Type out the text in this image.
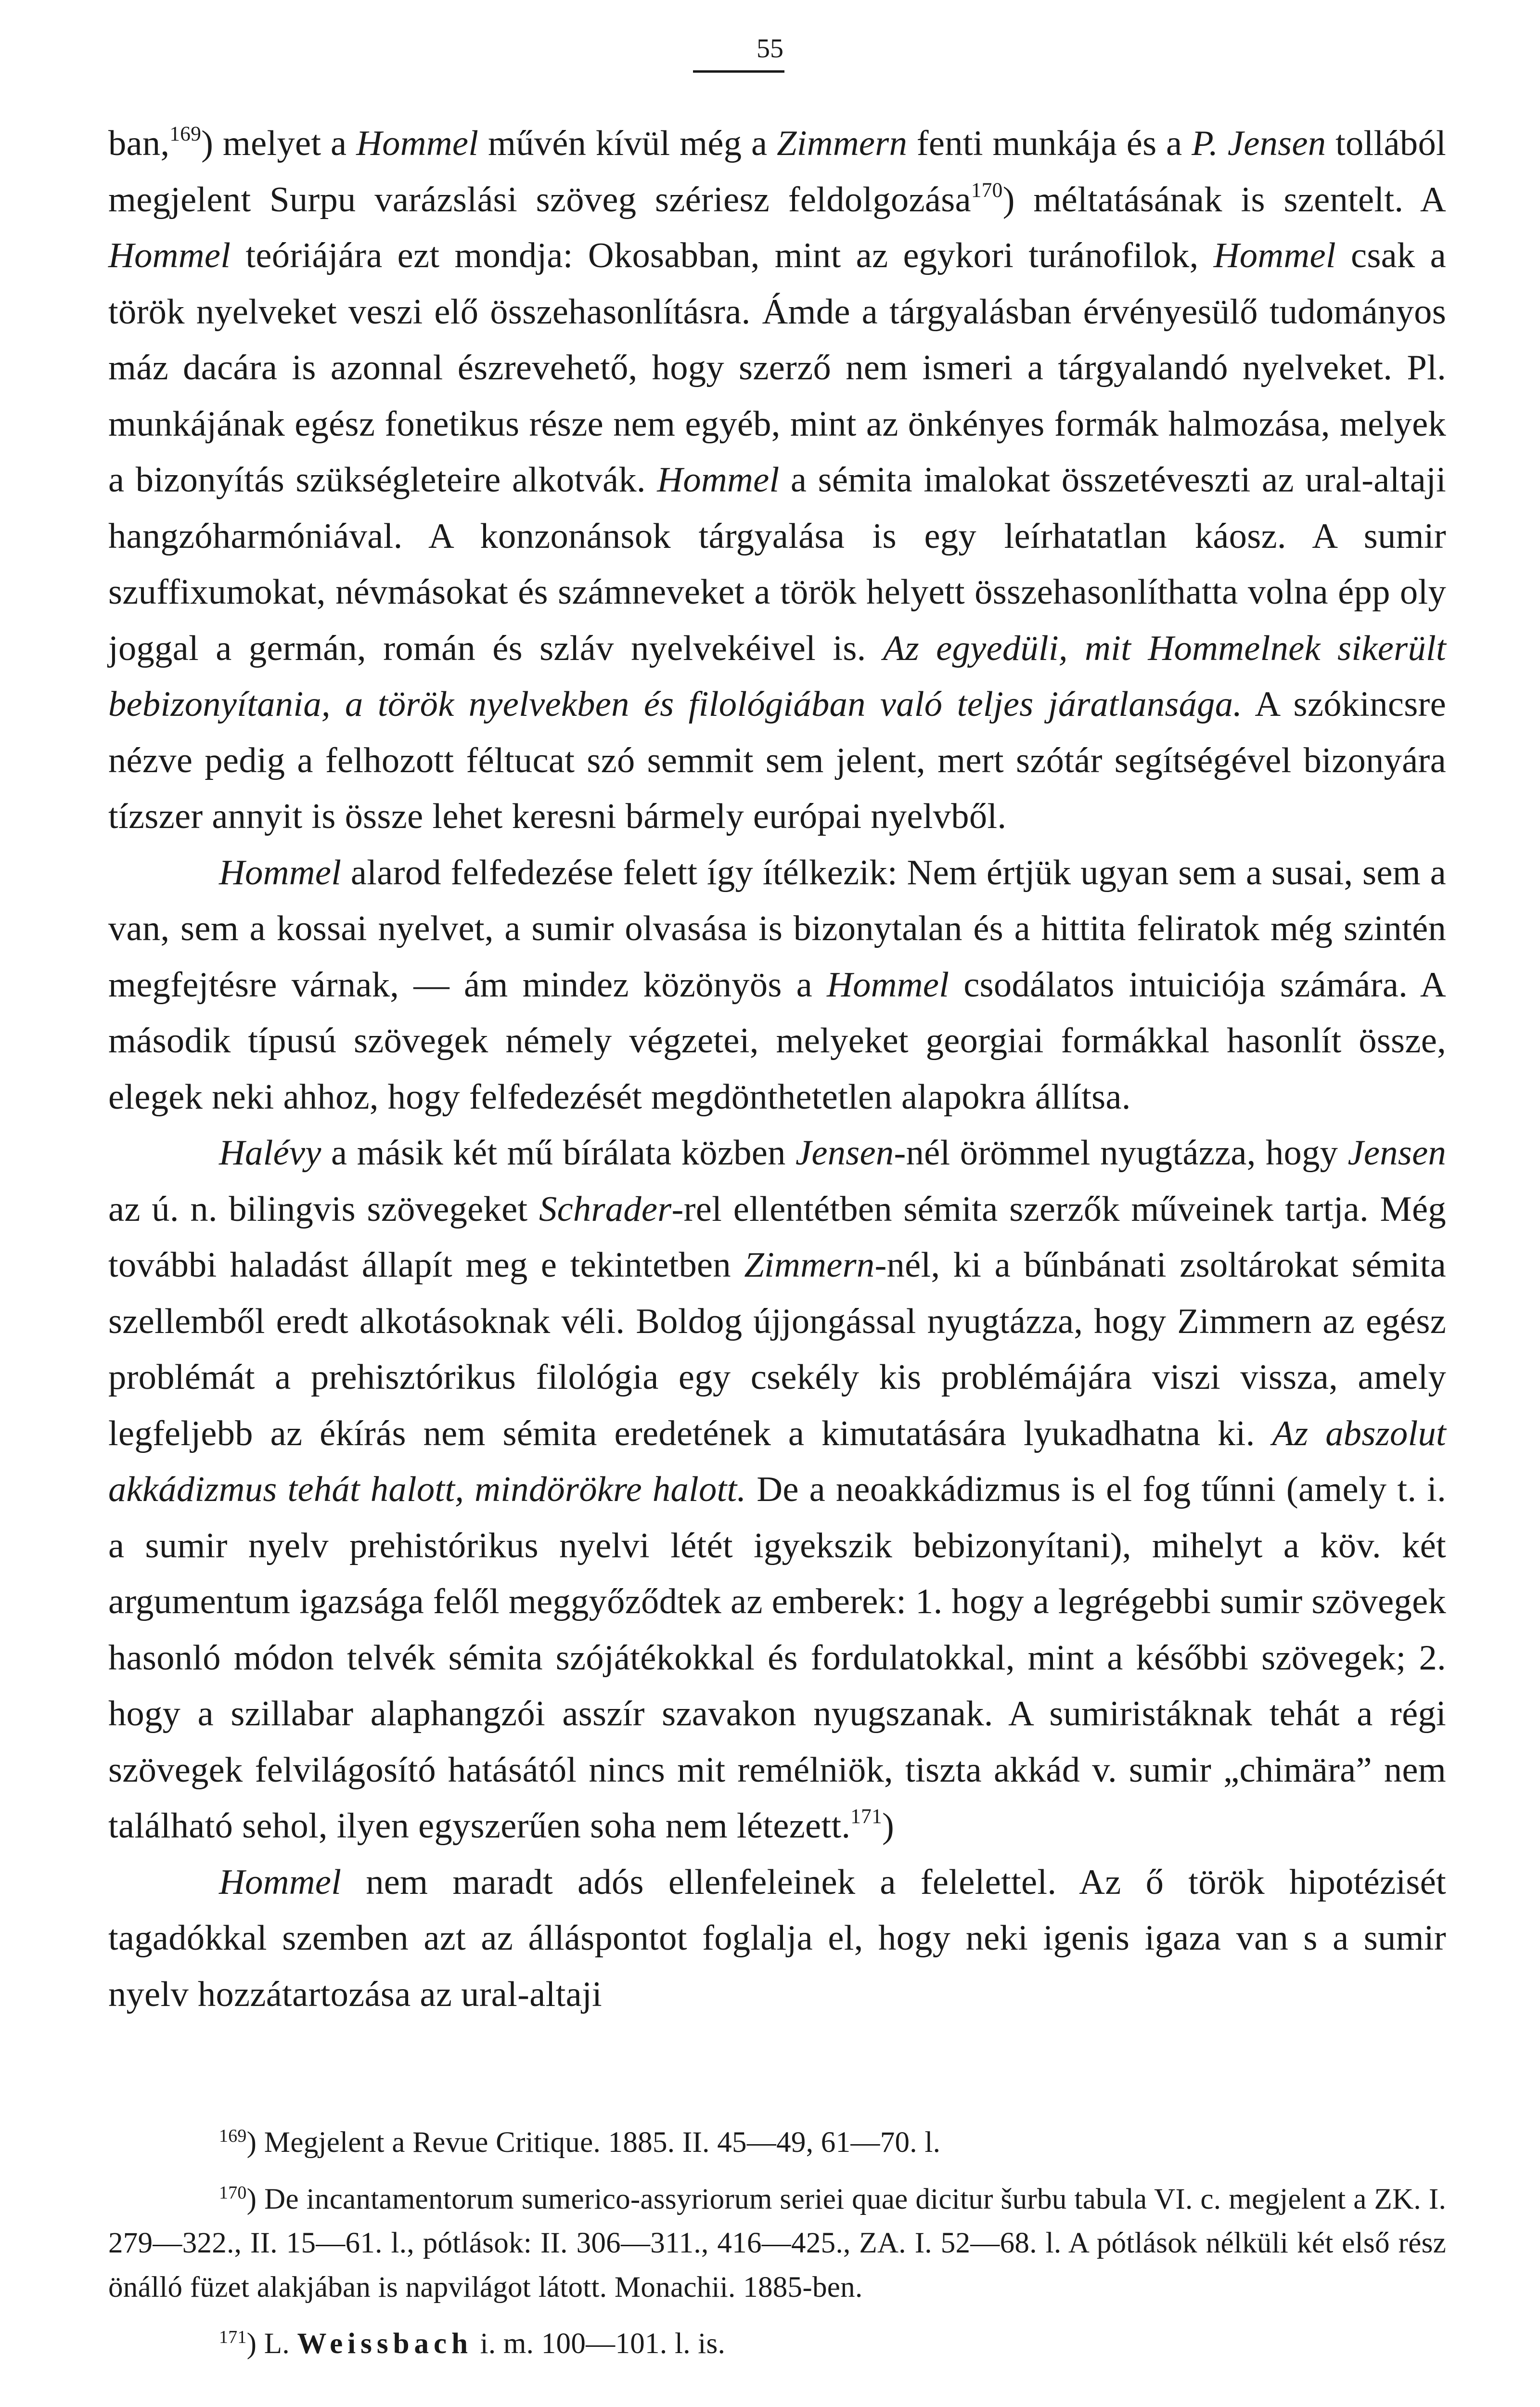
55

ban,$^{169}$) melyet a Hommel művén kívül még a Zimmern fenti munkája és a P. Jensen tollából megjelent Surpu varázslási szöveg szériesz feldolgozása$^{170}$) méltatásának is szentelt. A Hommel teóriájára ezt mondja: Okosabban, mint az egykori turánofilok, Hommel csak a török nyelveket veszi elő összehasonlításra. Ámde a tárgyalásban érvényesülő tudományos máz dacára is azonnal észrevehető, hogy szerző nem ismeri a tárgyalandó nyelveket. Pl. munkájának egész fonetikus része nem egyéb, mint az önkényes formák halmozása, melyek a bizonyítás szükségleteire alkotvák. Hommel a sémita imalokat összetéveszti az ural-altaji hangzóharmóniával. A konzonánsok tárgyalása is egy leírhatatlan káosz. A sumir szuffixumokat, névmásokat és számneveket a török helyett összehasonlíthatta volna épp oly joggal a germán, román és szláv nyelvekéivel is. Az egyedüli, mit Hommelnek sikerült bebizonyítania, a török nyelvekben és filológiában való teljes járatlansága. A szókincsre nézve pedig a felhozott féltucat szó semmit sem jelent, mert szótár segítségével bizonyára tízszer annyit is össze lehet keresni bármely európai nyelvből.

Hommel alarod felfedezése felett így ítélkezik: Nem értjük ugyan sem a susai, sem a van, sem a kossai nyelvet, a sumir olvasása is bizonytalan és a hittita feliratok még szintén megfejtésre várnak, — ám mindez közönyös a Hommel csodálatos intuiciója számára. A második típusú szövegek némely végzetei, melyeket georgiai formákkal hasonlít össze, elegek neki ahhoz, hogy felfedezését megdönthetetlen alapokra állítsa.

Halévy a másik két mű bírálata közben Jensen-nél örömmel nyugtázza, hogy Jensen az ú. n. bilingvis szövegeket Schrader-rel ellentétben sémita szerzők műveinek tartja. Még további haladást állapít meg e tekintetben Zimmern-nél, ki a bűnbánati zsoltárokat sémita szellemből eredt alkotásoknak véli. Boldog újjongással nyugtázza, hogy Zimmern az egész problémát a prehisztórikus filológia egy csekély kis problémájára viszi vissza, amely legfeljebb az ékírás nem sémita eredetének a kimutatására lyukadhatna ki. Az abszolut akkádizmus tehát halott, mindörökre halott. De a neoakkádizmus is el fog tűnni (amely t. i. a sumir nyelv prehistórikus nyelvi létét igyekszik bebizonyítani), mihelyt a köv. két argumentum igazsága felől meggyőződtek az emberek: 1. hogy a legrégebbi sumir szövegek hasonló módon telvék sémita szójátékokkal és fordulatokkal, mint a későbbi szövegek; 2. hogy a szillabar alaphangzói asszír szavakon nyugszanak. A sumiristáknak tehát a régi szövegek felvilágosító hatásától nincs mit remélniök, tiszta akkád v. sumir „chimära” nem található sehol, ilyen egyszerűen soha nem létezett.$^{171}$)

Hommel nem maradt adós ellenfeleinek a felelettel. Az ő török hipotézisét tagadókkal szemben azt az álláspontot foglalja el, hogy neki igenis igaza van s a sumir nyelv hozzátartozása az ural-altaji

$^{169}$) Megjelent a Revue Critique. 1885. II. 45—49, 61—70. l.

$^{170}$) De incantamentorum sumerico-assyriorum seriei quae dicitur šurbu tabula VI. c. megjelent a ZK. I. 279—322., II. 15—61. l., pótlások: II. 306—311., 416—425., ZA. I. 52—68. l. A pótlások nélküli két első rész önálló füzet alakjában is napvilágot látott. Monachii. 1885-ben.

$^{171}$) L. Weissbach i. m. 100—101. l. is.
